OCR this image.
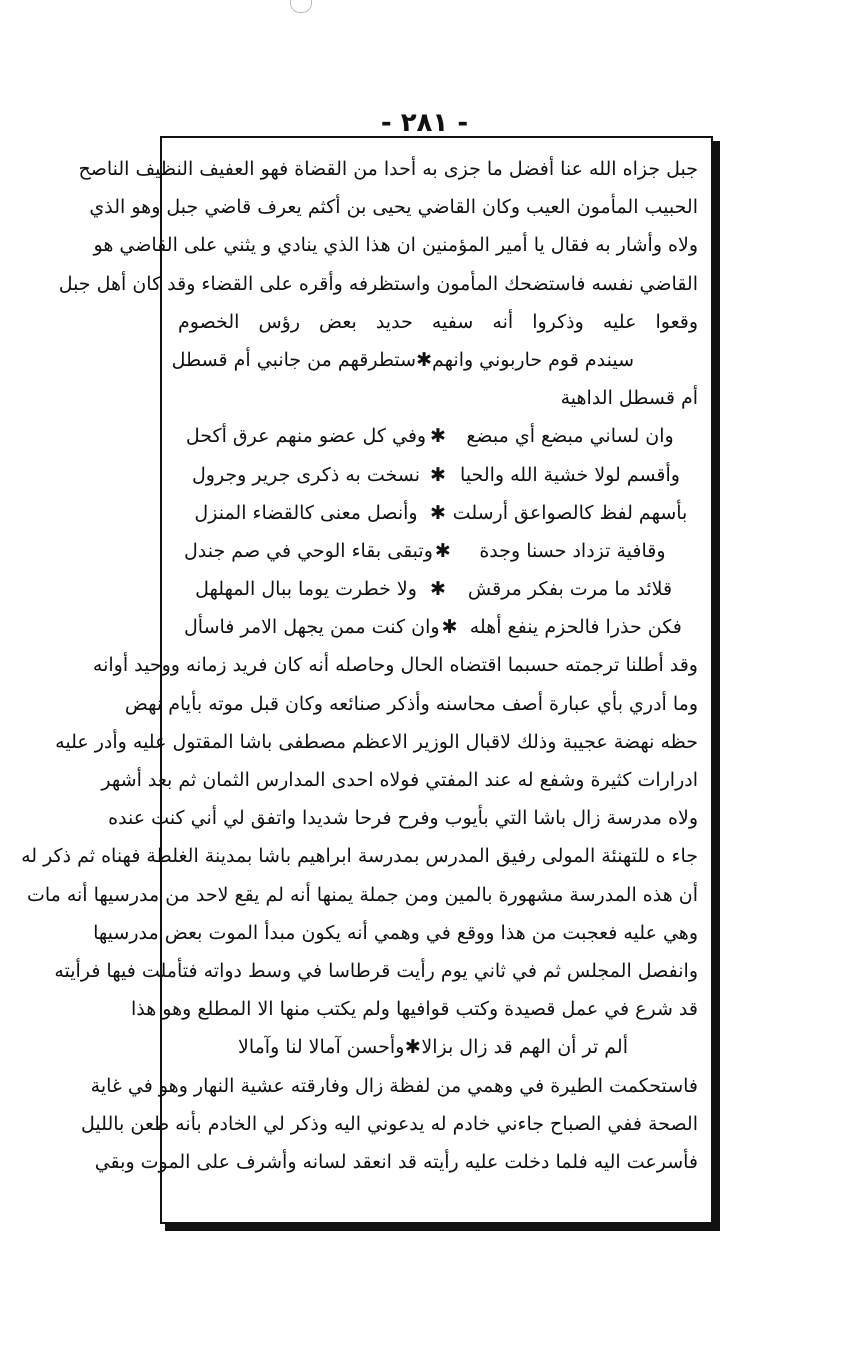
- ٢٨١ -
جبل جزاه الله عنا أفضل ما جزى به أحدا من القضاة فهو العفيف النظيف الناصح
الحبيب المأمون العيب وكان القاضي يحيى بن أكثم يعرف قاضي جبل وهو الذي
ولاه وأشار به فقال يا أمير المؤمنين ان هذا الذي ينادي و يثني على القاضي هو
القاضي نفسه فاستضحك المأمون واستظرفه وأقره على القضاء وقد كان أهل جبل
وقعوا عليه وذكروا أنه سفيه حديد بعض رؤس الخصوم
سيندم قوم حاربوني وانهم
✱
ستطرقهم من جانبي أم قسطل
أم قسطل الداهية
وان لساني مبضع أي مبضع
✱
وفي كل عضو منهم عرق أكحل
وأقسم لولا خشية الله والحيا
✱
نسخت به ذكرى جرير وجرول
بأسهم لفظ كالصواعق أرسلت
✱
وأنصل معنى كالقضاء المنزل
وقافية تزداد حسنا وجدة
✱
وتبقى بقاء الوحي في صم جندل
قلائد ما مرت بفكر مرقش
✱
ولا خطرت يوما ببال المهلهل
فكن حذرا فالحزم ينفع أهله
✱
وان كنت ممن يجهل الامر فاسأل
وقد أطلنا ترجمته حسبما اقتضاه الحال وحاصله أنه كان فريد زمانه ووحيد أوانه
وما أدري بأي عبارة أصف محاسنه وأذكر صنائعه وكان قبل موته بأيام نهض
حظه نهضة عجيبة وذلك لاقبال الوزير الاعظم مصطفى باشا المقتول عليه وأدر عليه
ادرارات كثيرة وشفع له عند المفتي فولاه احدى المدارس الثمان ثم بعد أشهر
ولاه مدرسة زال باشا التي بأيوب وفرح فرحا شديدا واتفق لي أني كنت عنده
جاء ه للتهنئة المولى رفيق المدرس بمدرسة ابراهيم باشا بمدينة الغلطة فهناه ثم ذكر له
أن هذه المدرسة مشهورة بالمين ومن جملة يمنها أنه لم يقع لاحد من مدرسيها أنه مات
وهي عليه فعجبت من هذا ووقع في وهمي أنه يكون مبدأ الموت بعض مدرسيها
وانفصل المجلس ثم في ثاني يوم رأيت قرطاسا في وسط دواته فتأملت فيها فرأيته
قد شرع في عمل قصيدة وكتب قوافيها ولم يكتب منها الا المطلع وهو هذا
ألم تر أن الهم قد زال بزالا
✱
وأحسن آمالا لنا وآمالا
فاستحكمت الطيرة في وهمي من لفظة زال وفارقته عشية النهار وهو في غاية
الصحة ففي الصباح جاءني خادم له يدعوني اليه وذكر لي الخادم بأنه طعن بالليل
فأسرعت اليه فلما دخلت عليه رأيته قد انعقد لسانه وأشرف على الموت وبقي
